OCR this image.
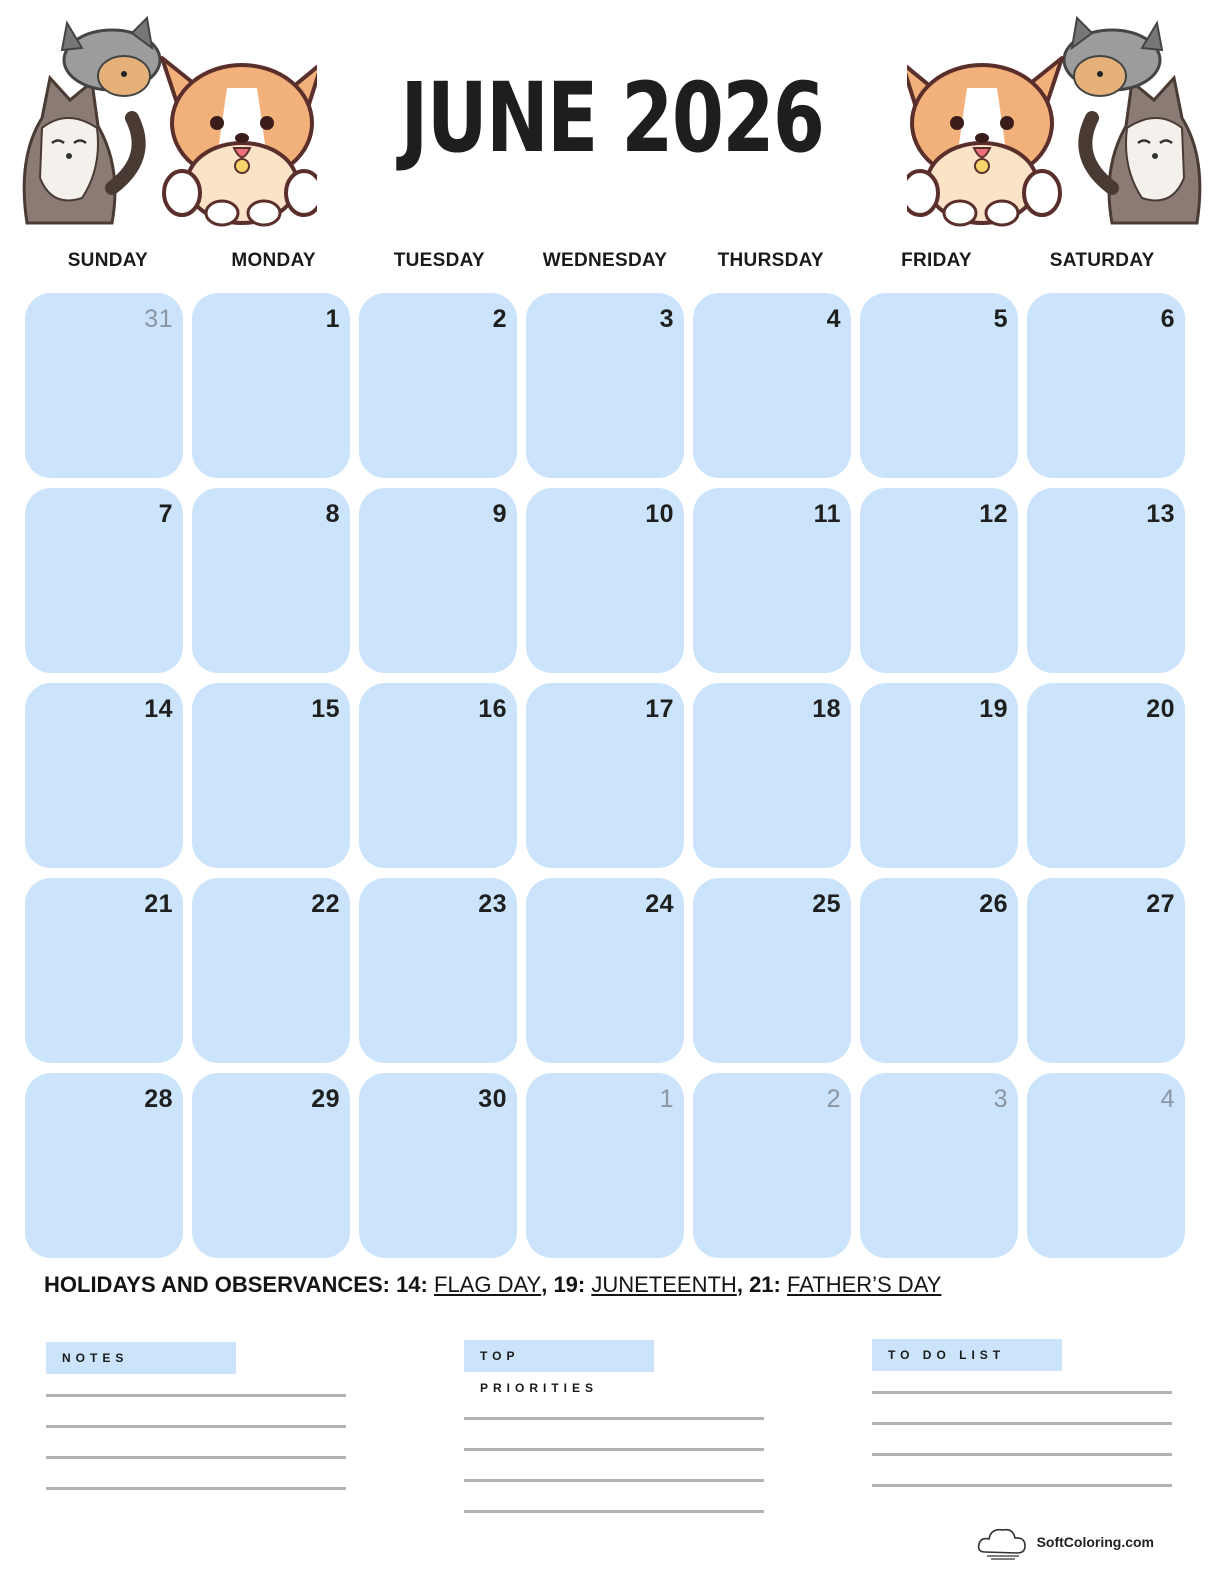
JUNE 2026
SUNDAY	MONDAY	TUESDAY	WEDNESDAY	THURSDAY	FRIDAY	SATURDAY
31	1	2	3	4	5	6
7	8	9	10	11	12	13
14	15	16	17	18	19	20
21	22	23	24	25	26	27
28	29	30	1	2	3	4
HOLIDAYS AND OBSERVANCES: 14: FLAG DAY, 19: JUNETEENTH, 21: FATHER’S DAY
NOTES	TOP PRIORITIES
TO DO LIST
SoftColoring.com
